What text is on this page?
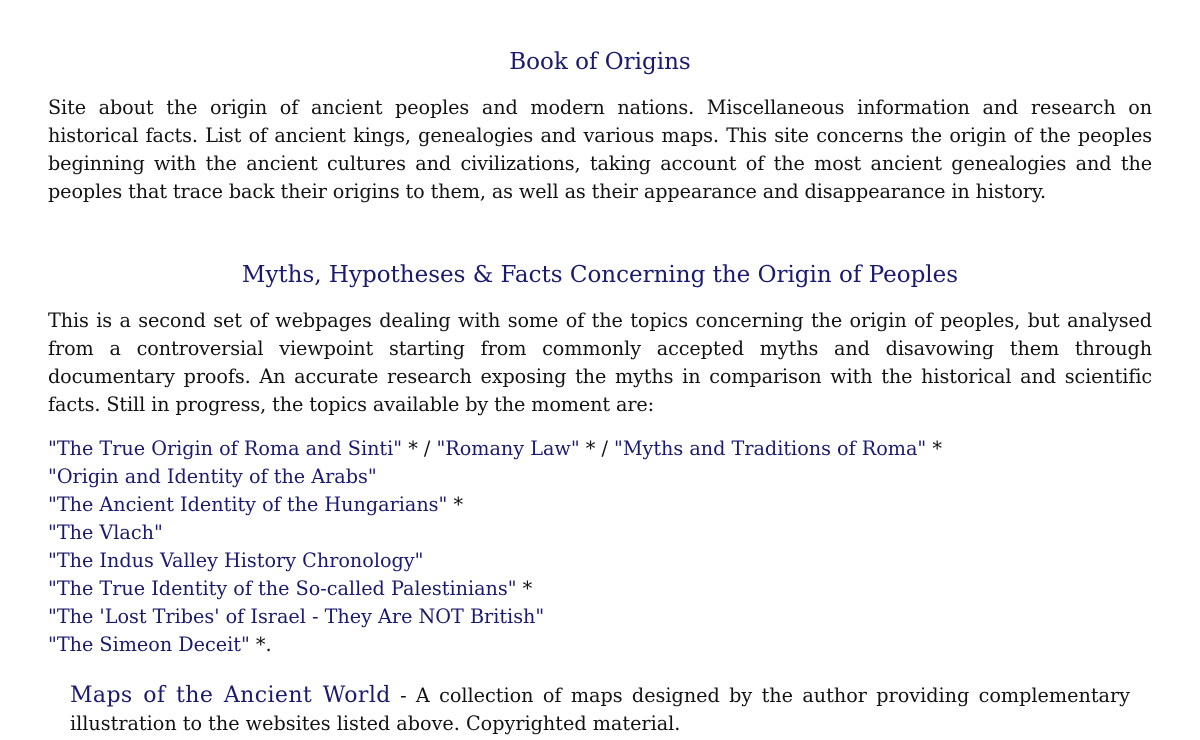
Book of Origins

Site about the origin of ancient peoples and modern nations. Miscellaneous information and research on historical facts. List of ancient kings, genealogies and various maps. This site concerns the origin of the peoples beginning with the ancient cultures and civilizations, taking account of the most ancient genealogies and the peoples that trace back their origins to them, as well as their appearance and disappearance in history.

Myths, Hypotheses & Facts Concerning the Origin of Peoples

This is a second set of webpages dealing with some of the topics concerning the origin of peoples, but analysed from a controversial viewpoint starting from commonly accepted myths and disavowing them through documentary proofs. An accurate research exposing the myths in comparison with the historical and scientific facts. Still in progress, the topics available by the moment are:

"The True Origin of Roma and Sinti" * / "Romany Law" * / "Myths and Traditions of Roma" *
"Origin and Identity of the Arabs"
"The Ancient Identity of the Hungarians" *
"The Vlach"
"The Indus Valley History Chronology"
"The True Identity of the So-called Palestinians" *
"The 'Lost Tribes' of Israel - They Are NOT British"
"The Simeon Deceit" *.

Maps of the Ancient World - A collection of maps designed by the author providing complementary illustration to the websites listed above. Copyrighted material.
